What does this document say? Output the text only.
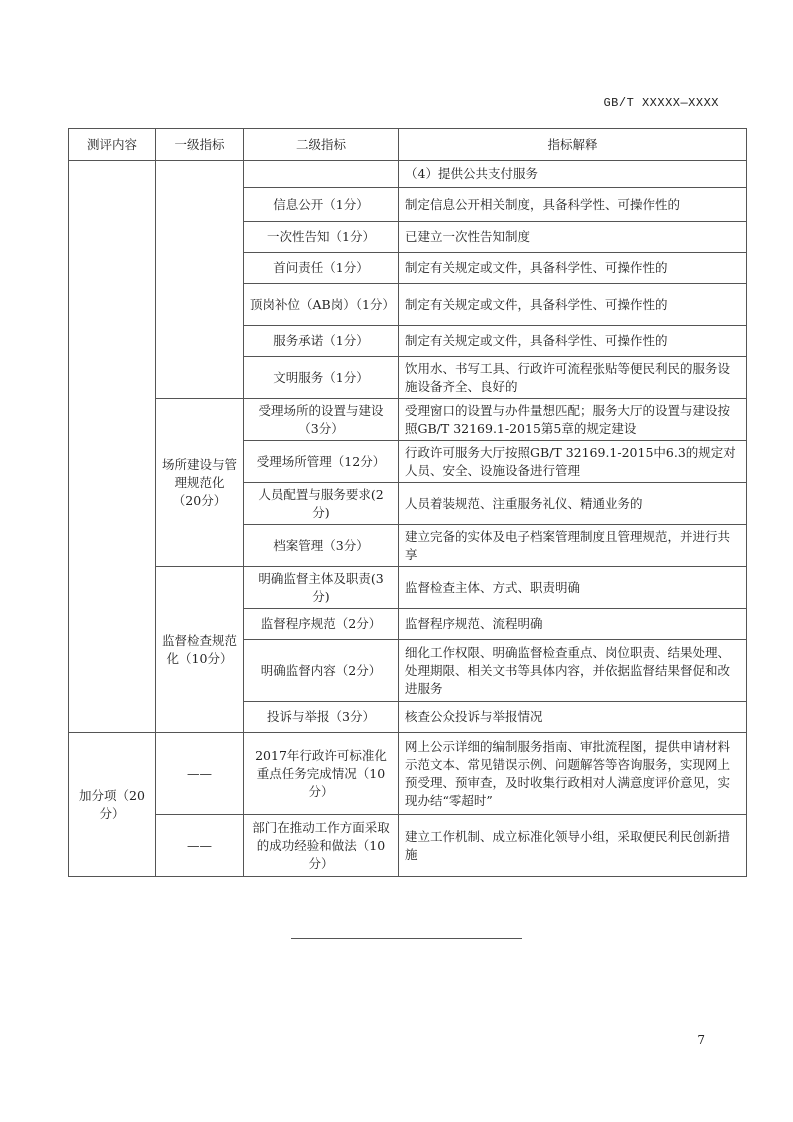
GB/T XXXXX—XXXX
测评内容	一级指标	二级指标	指标解释
			（4）提供公共支付服务
		信息公开（1分）	制定信息公开相关制度，具备科学性、可操作性的
		一次性告知（1分）	已建立一次性告知制度
		首问责任（1分）	制定有关规定或文件，具备科学性、可操作性的
		顶岗补位（AB岗）（1分）	制定有关规定或文件，具备科学性、可操作性的
		服务承诺（1分）	制定有关规定或文件，具备科学性、可操作性的
		文明服务（1分）	饮用水、书写工具、行政许可流程张贴等便民利民的服务设施设备齐全、良好的
	场所建设与管理规范化（20分）	受理场所的设置与建设（3分）	受理窗口的设置与办件量想匹配；服务大厅的设置与建设按照GB/T 32169.1-2015第5章的规定建设
		受理场所管理（12分）	行政许可服务大厅按照GB/T 32169.1-2015中6.3的规定对人员、安全、设施设备进行管理
		人员配置与服务要求(2分)	人员着装规范、注重服务礼仪、精通业务的
		档案管理（3分）	建立完备的实体及电子档案管理制度且管理规范，并进行共享
	监督检查规范化（10分）	明确监督主体及职责(3分)	监督检查主体、方式、职责明确
		监督程序规范（2分）	监督程序规范、流程明确
		明确监督内容（2分）	细化工作权限、明确监督检查重点、岗位职责、结果处理、处理期限、相关文书等具体内容，并依据监督结果督促和改进服务
		投诉与举报（3分）	核查公众投诉与举报情况
加分项（20分）	——	2017年行政许可标准化重点任务完成情况（10分）	网上公示详细的编制服务指南、审批流程图，提供申请材料示范文本、常见错误示例、问题解答等咨询服务，实现网上预受理、预审查，及时收集行政相对人满意度评价意见，实现办结“零超时”
	——	部门在推动工作方面采取的成功经验和做法（10分）	建立工作机制、成立标准化领导小组，采取便民利民创新措施
7
